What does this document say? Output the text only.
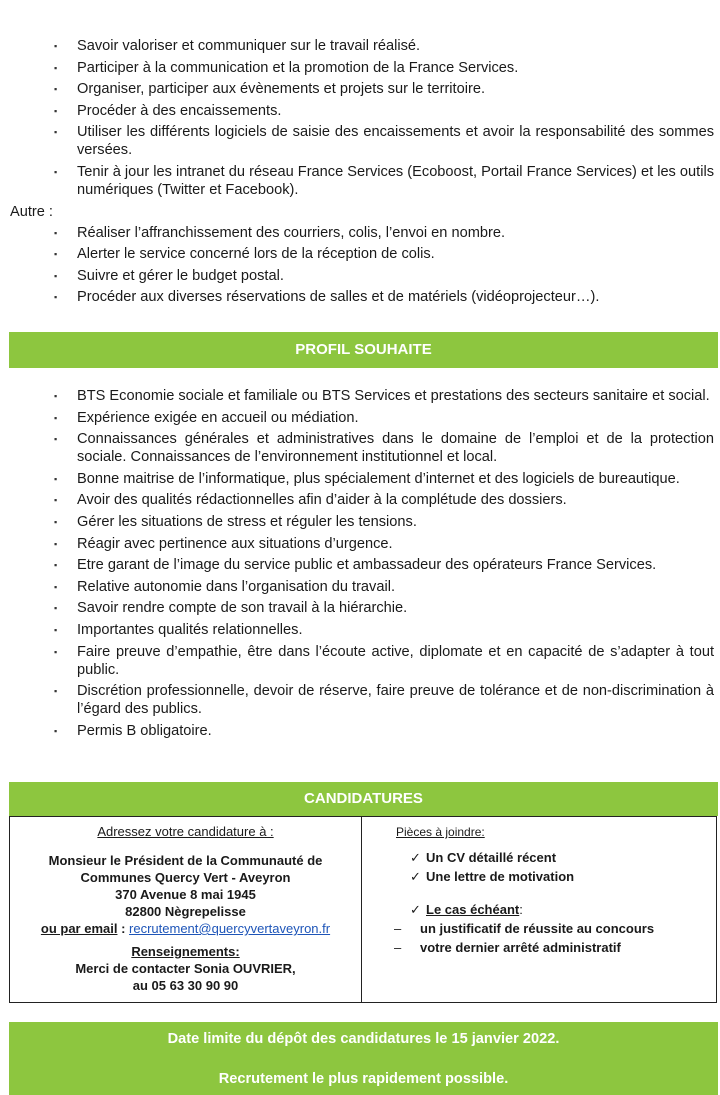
▪ Savoir valoriser et communiquer sur le travail réalisé.
▪ Participer à la communication et la promotion de la France Services.
▪ Organiser, participer aux évènements et projets sur le territoire.
▪ Procéder à des encaissements.
▪ Utiliser les différents logiciels de saisie des encaissements et avoir la responsabilité des sommes versées.
▪ Tenir à jour les intranet du réseau France Services (Ecoboost, Portail France Services) et les outils numériques (Twitter et Facebook).
Autre :
▪ Réaliser l’affranchissement des courriers, colis, l’envoi en nombre.
▪ Alerter le service concerné lors de la réception de colis.
▪ Suivre et gérer le budget postal.
▪ Procéder aux diverses réservations de salles et de matériels (vidéoprojecteur…).
PROFIL SOUHAITE
▪ BTS Economie sociale et familiale ou BTS Services et prestations des secteurs sanitaire et social.
▪ Expérience exigée en accueil ou médiation.
▪ Connaissances générales et administratives dans le domaine de l’emploi et de la protection sociale. Connaissances de l’environnement institutionnel et local.
▪ Bonne maitrise de l’informatique, plus spécialement d’internet et des logiciels de bureautique.
▪ Avoir des qualités rédactionnelles afin d’aider à la complétude des dossiers.
▪ Gérer les situations de stress et réguler les tensions.
▪ Réagir avec pertinence aux situations d’urgence.
▪ Etre garant de l’image du service public et ambassadeur des opérateurs France Services.
▪ Relative autonomie dans l’organisation du travail.
▪ Savoir rendre compte de son travail à la hiérarchie.
▪ Importantes qualités relationnelles.
▪ Faire preuve d’empathie, être dans l’écoute active, diplomate et en capacité de s’adapter à tout public.
▪ Discrétion professionnelle, devoir de réserve, faire preuve de tolérance et de non-discrimination à l’égard des publics.
▪ Permis B obligatoire.
CANDIDATURES
Adressez votre candidature à :
Monsieur le Président de la Communauté de
Communes Quercy Vert - Aveyron
370 Avenue 8 mai 1945
82800 Nègrepelisse
ou par email : recrutement@quercyvertaveyron.fr
Renseignements:
Merci de contacter Sonia OUVRIER,
au 05 63 30 90 90
Pièces à joindre:
✓ Un CV détaillé récent
✓ Une lettre de motivation
✓ Le cas échéant:
– un justificatif de réussite au concours
– votre dernier arrêté administratif
Date limite du dépôt des candidatures le 15 janvier 2022.
Recrutement le plus rapidement possible.
